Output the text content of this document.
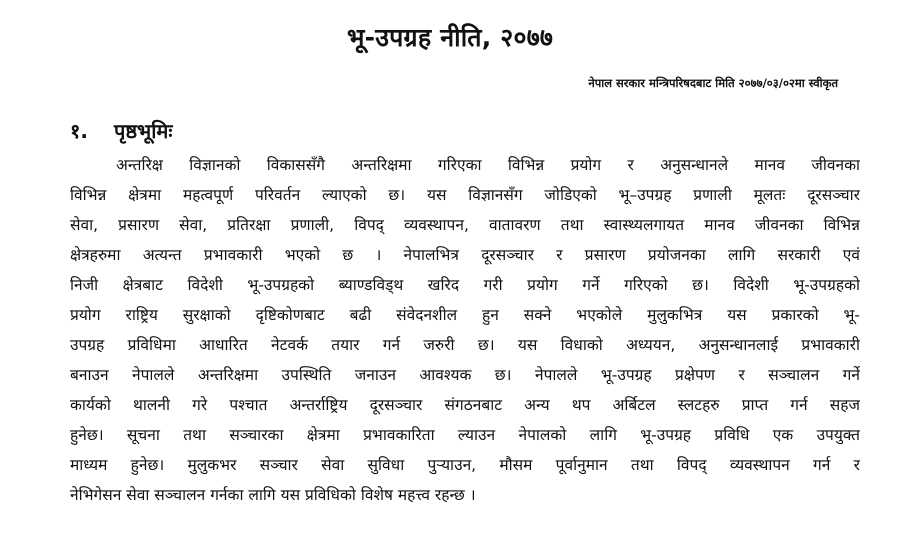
भू-उपग्रह नीति, २०७७
नेपाल सरकार मन्त्रिपरिषदबाट मिति २०७७/०३/०२मा स्वीकृत
१. पृष्ठभूमिः
अन्तरिक्ष विज्ञानको विकाससँगै अन्तरिक्षमा गरिएका विभिन्न प्रयोग र अनुसन्धानले मानव जीवनका
विभिन्न क्षेत्रमा महत्वपूर्ण परिवर्तन ल्याएको छ। यस विज्ञानसँग जोडिएको भू–उपग्रह प्रणाली मूलतः दूरसञ्चार
सेवा, प्रसारण सेवा, प्रतिरक्षा प्रणाली, विपद् व्यवस्थापन, वातावरण तथा स्वास्थ्यलगायत मानव जीवनका विभिन्न
क्षेत्रहरुमा अत्यन्त प्रभावकारी भएको छ । नेपालभित्र दूरसञ्चार र प्रसारण प्रयोजनका लागि सरकारी एवं
निजी क्षेत्रबाट विदेशी भू-उपग्रहको ब्याण्डविड्थ खरिद गरी प्रयोग गर्ने गरिएको छ। विदेशी भू-उपग्रहको
प्रयोग राष्ट्रिय सुरक्षाको दृष्टिकोणबाट बढी संवेदनशील हुन सक्ने भएकोले मुलुकभित्र यस प्रकारको भू-
उपग्रह प्रविधिमा आधारित नेटवर्क तयार गर्न जरुरी छ। यस विधाको अध्ययन, अनुसन्धानलाई प्रभावकारी
बनाउन नेपालले अन्तरिक्षमा उपस्थिति जनाउन आवश्यक छ। नेपालले भू-उपग्रह प्रक्षेपण र सञ्चालन गर्ने
कार्यको थालनी गरे पश्चात अन्तर्राष्ट्रिय दूरसञ्चार संगठनबाट अन्य थप अर्बिटल स्लटहरु प्राप्त गर्न सहज
हुनेछ। सूचना तथा सञ्चारका क्षेत्रमा प्रभावकारिता ल्याउन नेपालको लागि भू-उपग्रह प्रविधि एक उपयुक्त
माध्यम हुनेछ। मुलुकभर सञ्चार सेवा सुविधा पुर्‍याउन, मौसम पूर्वानुमान तथा विपद् व्यवस्थापन गर्न र
नेभिगेसन सेवा सञ्चालन गर्नका लागि यस प्रविधिको विशेष महत्त्व रहन्छ ।
